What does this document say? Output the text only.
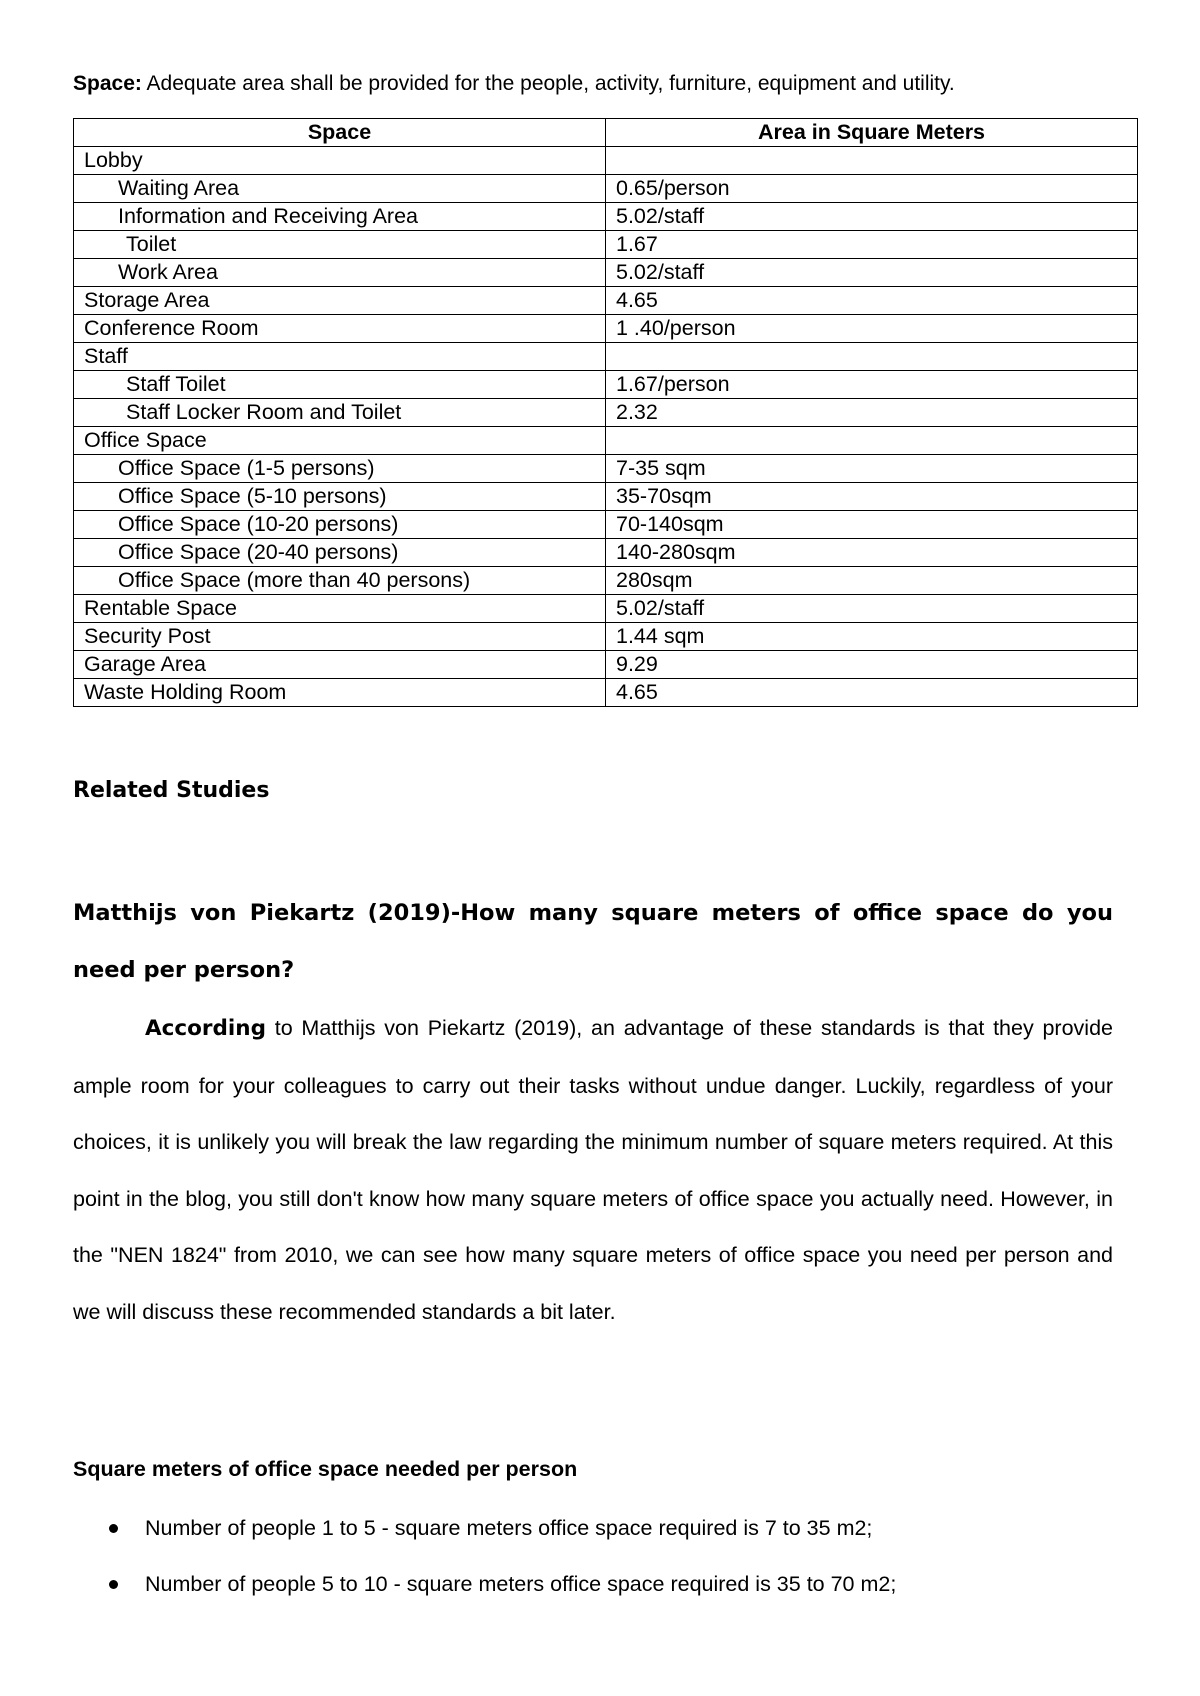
Space: Adequate area shall be provided for the people, activity, furniture, equipment and utility.
Space	Area in Square Meters
Lobby	
Waiting Area	0.65/person
Information and Receiving Area	5.02/staff
Toilet	1.67
Work Area	5.02/staff
Storage Area	4.65
Conference Room	1 .40/person
Staff	
Staff Toilet	1.67/person
Staff Locker Room and Toilet	2.32
Office Space	
Office Space (1-5 persons)	7-35 sqm
Office Space (5-10 persons)	35-70sqm
Office Space (10-20 persons)	70-140sqm
Office Space (20-40 persons)	140-280sqm
Office Space (more than 40 persons)	280sqm
Rentable Space	5.02/staff
Security Post	1.44 sqm
Garage Area	9.29
Waste Holding Room	4.65
Related Studies
Matthijs von Piekartz (2019)-How many square meters of office space do you need per person?
According to Matthijs von Piekartz (2019), an advantage of these standards is that they provide ample room for your colleagues to carry out their tasks without undue danger. Luckily, regardless of your choices, it is unlikely you will break the law regarding the minimum number of square meters required. At this point in the blog, you still don't know how many square meters of office space you actually need. However, in the "NEN 1824" from 2010, we can see how many square meters of office space you need per person and we will discuss these recommended standards a bit later.
Square meters of office space needed per person
Number of people 1 to 5 - square meters office space required is 7 to 35 m2;
Number of people 5 to 10 - square meters office space required is 35 to 70 m2;
